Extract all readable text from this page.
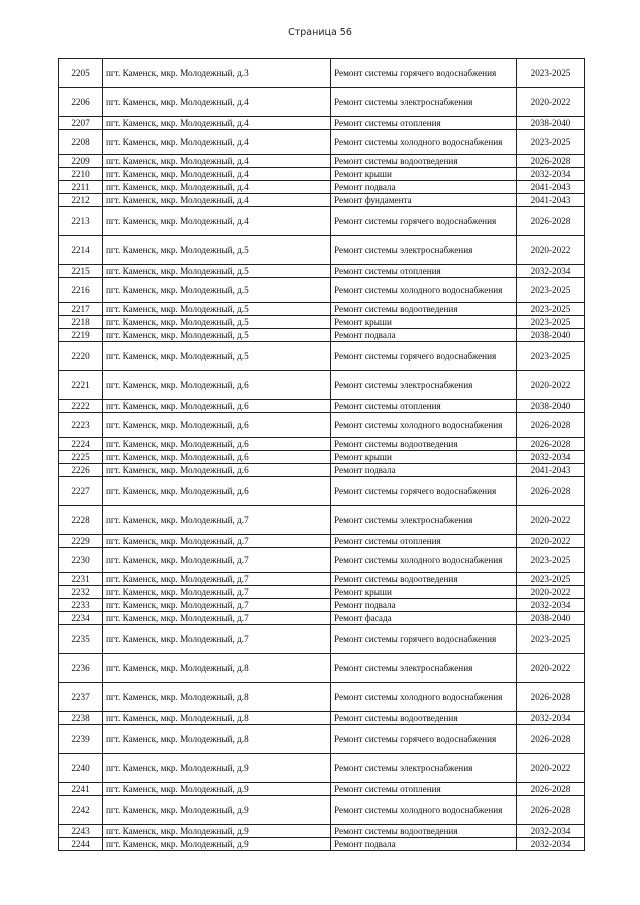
Страница 56
2205	пгт. Каменск, мкр. Молодежный, д.3	Ремонт системы горячего водоснабжения	2023-2025
2206	пгт. Каменск, мкр. Молодежный, д.4	Ремонт системы электроснабжения	2020-2022
2207	пгт. Каменск, мкр. Молодежный, д.4	Ремонт системы отопления	2038-2040
2208	пгт. Каменск, мкр. Молодежный, д.4	Ремонт системы холодного водоснабжения	2023-2025
2209	пгт. Каменск, мкр. Молодежный, д.4	Ремонт системы водоотведения	2026-2028
2210	пгт. Каменск, мкр. Молодежный, д.4	Ремонт крыши	2032-2034
2211	пгт. Каменск, мкр. Молодежный, д.4	Ремонт подвала	2041-2043
2212	пгт. Каменск, мкр. Молодежный, д.4	Ремонт фундамента	2041-2043
2213	пгт. Каменск, мкр. Молодежный, д.4	Ремонт системы горячего водоснабжения	2026-2028
2214	пгт. Каменск, мкр. Молодежный, д.5	Ремонт системы электроснабжения	2020-2022
2215	пгт. Каменск, мкр. Молодежный, д.5	Ремонт системы отопления	2032-2034
2216	пгт. Каменск, мкр. Молодежный, д.5	Ремонт системы холодного водоснабжения	2023-2025
2217	пгт. Каменск, мкр. Молодежный, д.5	Ремонт системы водоотведения	2023-2025
2218	пгт. Каменск, мкр. Молодежный, д.5	Ремонт крыши	2023-2025
2219	пгт. Каменск, мкр. Молодежный, д.5	Ремонт подвала	2038-2040
2220	пгт. Каменск, мкр. Молодежный, д.5	Ремонт системы горячего водоснабжения	2023-2025
2221	пгт. Каменск, мкр. Молодежный, д.6	Ремонт системы электроснабжения	2020-2022
2222	пгт. Каменск, мкр. Молодежный, д.6	Ремонт системы отопления	2038-2040
2223	пгт. Каменск, мкр. Молодежный, д.6	Ремонт системы холодного водоснабжения	2026-2028
2224	пгт. Каменск, мкр. Молодежный, д.6	Ремонт системы водоотведения	2026-2028
2225	пгт. Каменск, мкр. Молодежный, д.6	Ремонт крыши	2032-2034
2226	пгт. Каменск, мкр. Молодежный, д.6	Ремонт подвала	2041-2043
2227	пгт. Каменск, мкр. Молодежный, д.6	Ремонт системы горячего водоснабжения	2026-2028
2228	пгт. Каменск, мкр. Молодежный, д.7	Ремонт системы электроснабжения	2020-2022
2229	пгт. Каменск, мкр. Молодежный, д.7	Ремонт системы отопления	2020-2022
2230	пгт. Каменск, мкр. Молодежный, д.7	Ремонт системы холодного водоснабжения	2023-2025
2231	пгт. Каменск, мкр. Молодежный, д.7	Ремонт системы водоотведения	2023-2025
2232	пгт. Каменск, мкр. Молодежный, д.7	Ремонт крыши	2020-2022
2233	пгт. Каменск, мкр. Молодежный, д.7	Ремонт подвала	2032-2034
2234	пгт. Каменск, мкр. Молодежный, д.7	Ремонт фасада	2038-2040
2235	пгт. Каменск, мкр. Молодежный, д.7	Ремонт системы горячего водоснабжения	2023-2025
2236	пгт. Каменск, мкр. Молодежный, д.8	Ремонт системы электроснабжения	2020-2022
2237	пгт. Каменск, мкр. Молодежный, д.8	Ремонт системы холодного водоснабжения	2026-2028
2238	пгт. Каменск, мкр. Молодежный, д.8	Ремонт системы водоотведения	2032-2034
2239	пгт. Каменск, мкр. Молодежный, д.8	Ремонт системы горячего водоснабжения	2026-2028
2240	пгт. Каменск, мкр. Молодежный, д.9	Ремонт системы электроснабжения	2020-2022
2241	пгт. Каменск, мкр. Молодежный, д.9	Ремонт системы отопления	2026-2028
2242	пгт. Каменск, мкр. Молодежный, д.9	Ремонт системы холодного водоснабжения	2026-2028
2243	пгт. Каменск, мкр. Молодежный, д.9	Ремонт системы водоотведения	2032-2034
2244	пгт. Каменск, мкр. Молодежный, д.9	Ремонт подвала	2032-2034
